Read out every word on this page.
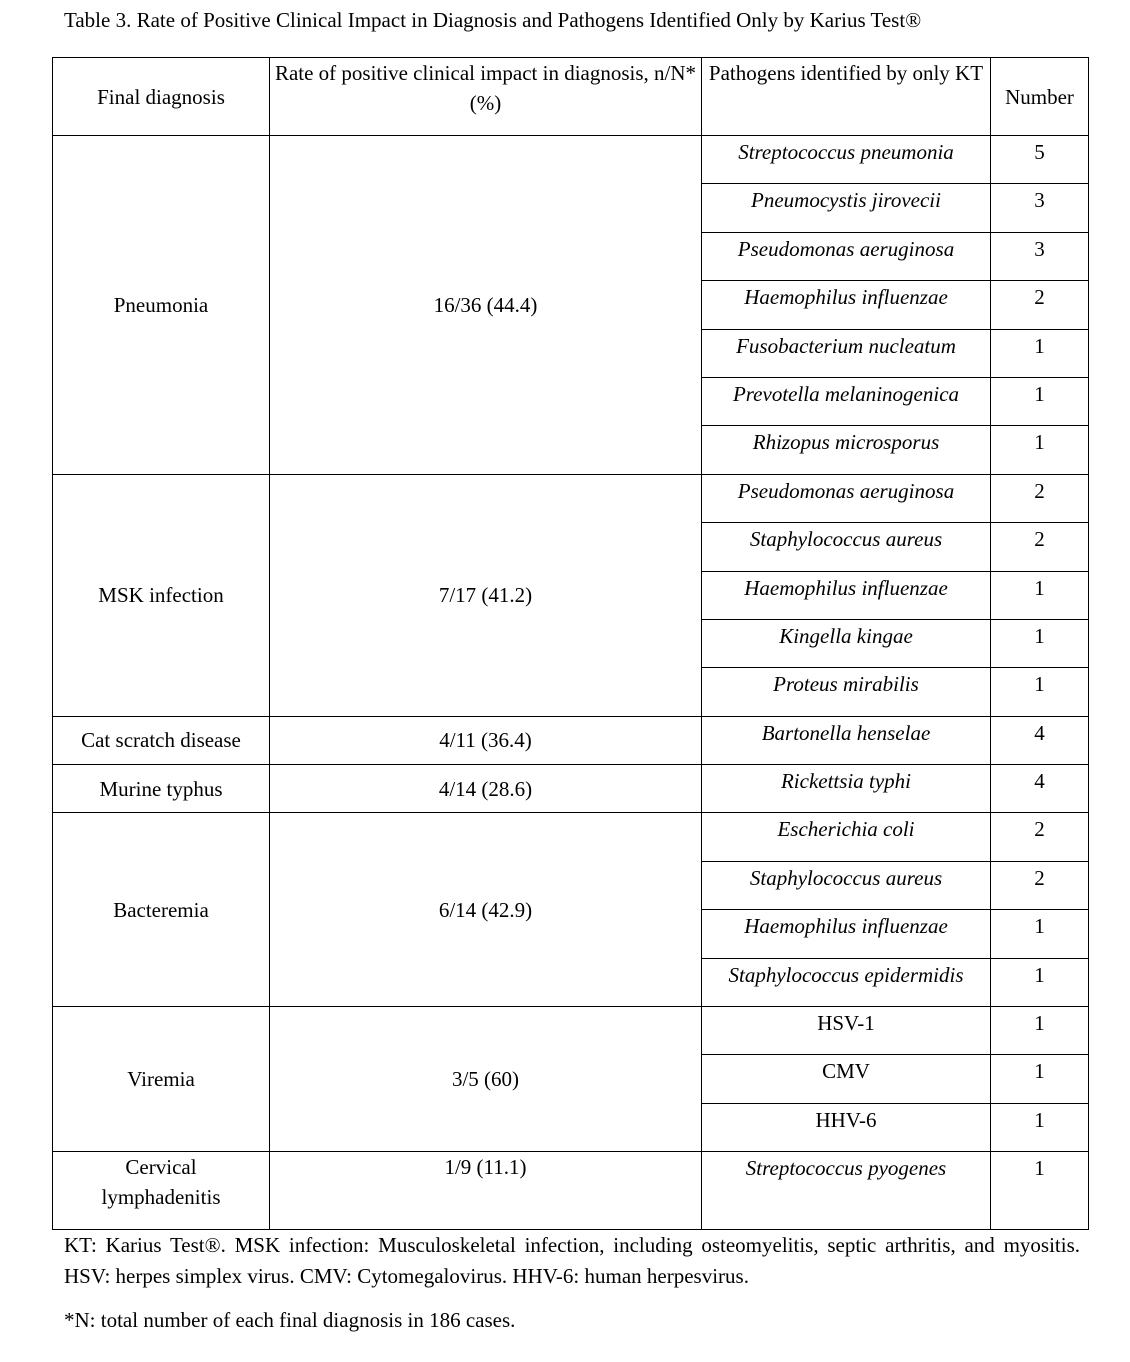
Table 3. Rate of Positive Clinical Impact in Diagnosis and Pathogens Identified Only by Karius Test®
Final diagnosis	Rate of positive clinical impact in diagnosis, n/N*(%)	Pathogens identified by only KT	Number
Pneumonia	16/36 (44.4)	Streptococcus pneumonia	5
		Pneumocystis jirovecii	3
		Pseudomonas aeruginosa	3
		Haemophilus influenzae	2
		Fusobacterium nucleatum	1
		Prevotella melaninogenica	1
		Rhizopus microsporus	1
MSK infection	7/17 (41.2)	Pseudomonas aeruginosa	2
		Staphylococcus aureus	2
		Haemophilus influenzae	1
		Kingella kingae	1
		Proteus mirabilis	1
Cat scratch disease	4/11 (36.4)	Bartonella henselae	4
Murine typhus	4/14 (28.6)	Rickettsia typhi	4
Bacteremia	6/14 (42.9)	Escherichia coli	2
		Staphylococcus aureus	2
		Haemophilus influenzae	1
		Staphylococcus epidermidis	1
Viremia	3/5 (60)	HSV-1	1
		CMV	1
		HHV-6	1
Cervical lymphadenitis	1/9 (11.1)	Streptococcus pyogenes	1
KT: Karius Test®. MSK infection: Musculoskeletal infection, including osteomyelitis, septic arthritis, and myositis. HSV: herpes simplex virus. CMV: Cytomegalovirus. HHV-6: human herpesvirus.
*N: total number of each final diagnosis in 186 cases.
